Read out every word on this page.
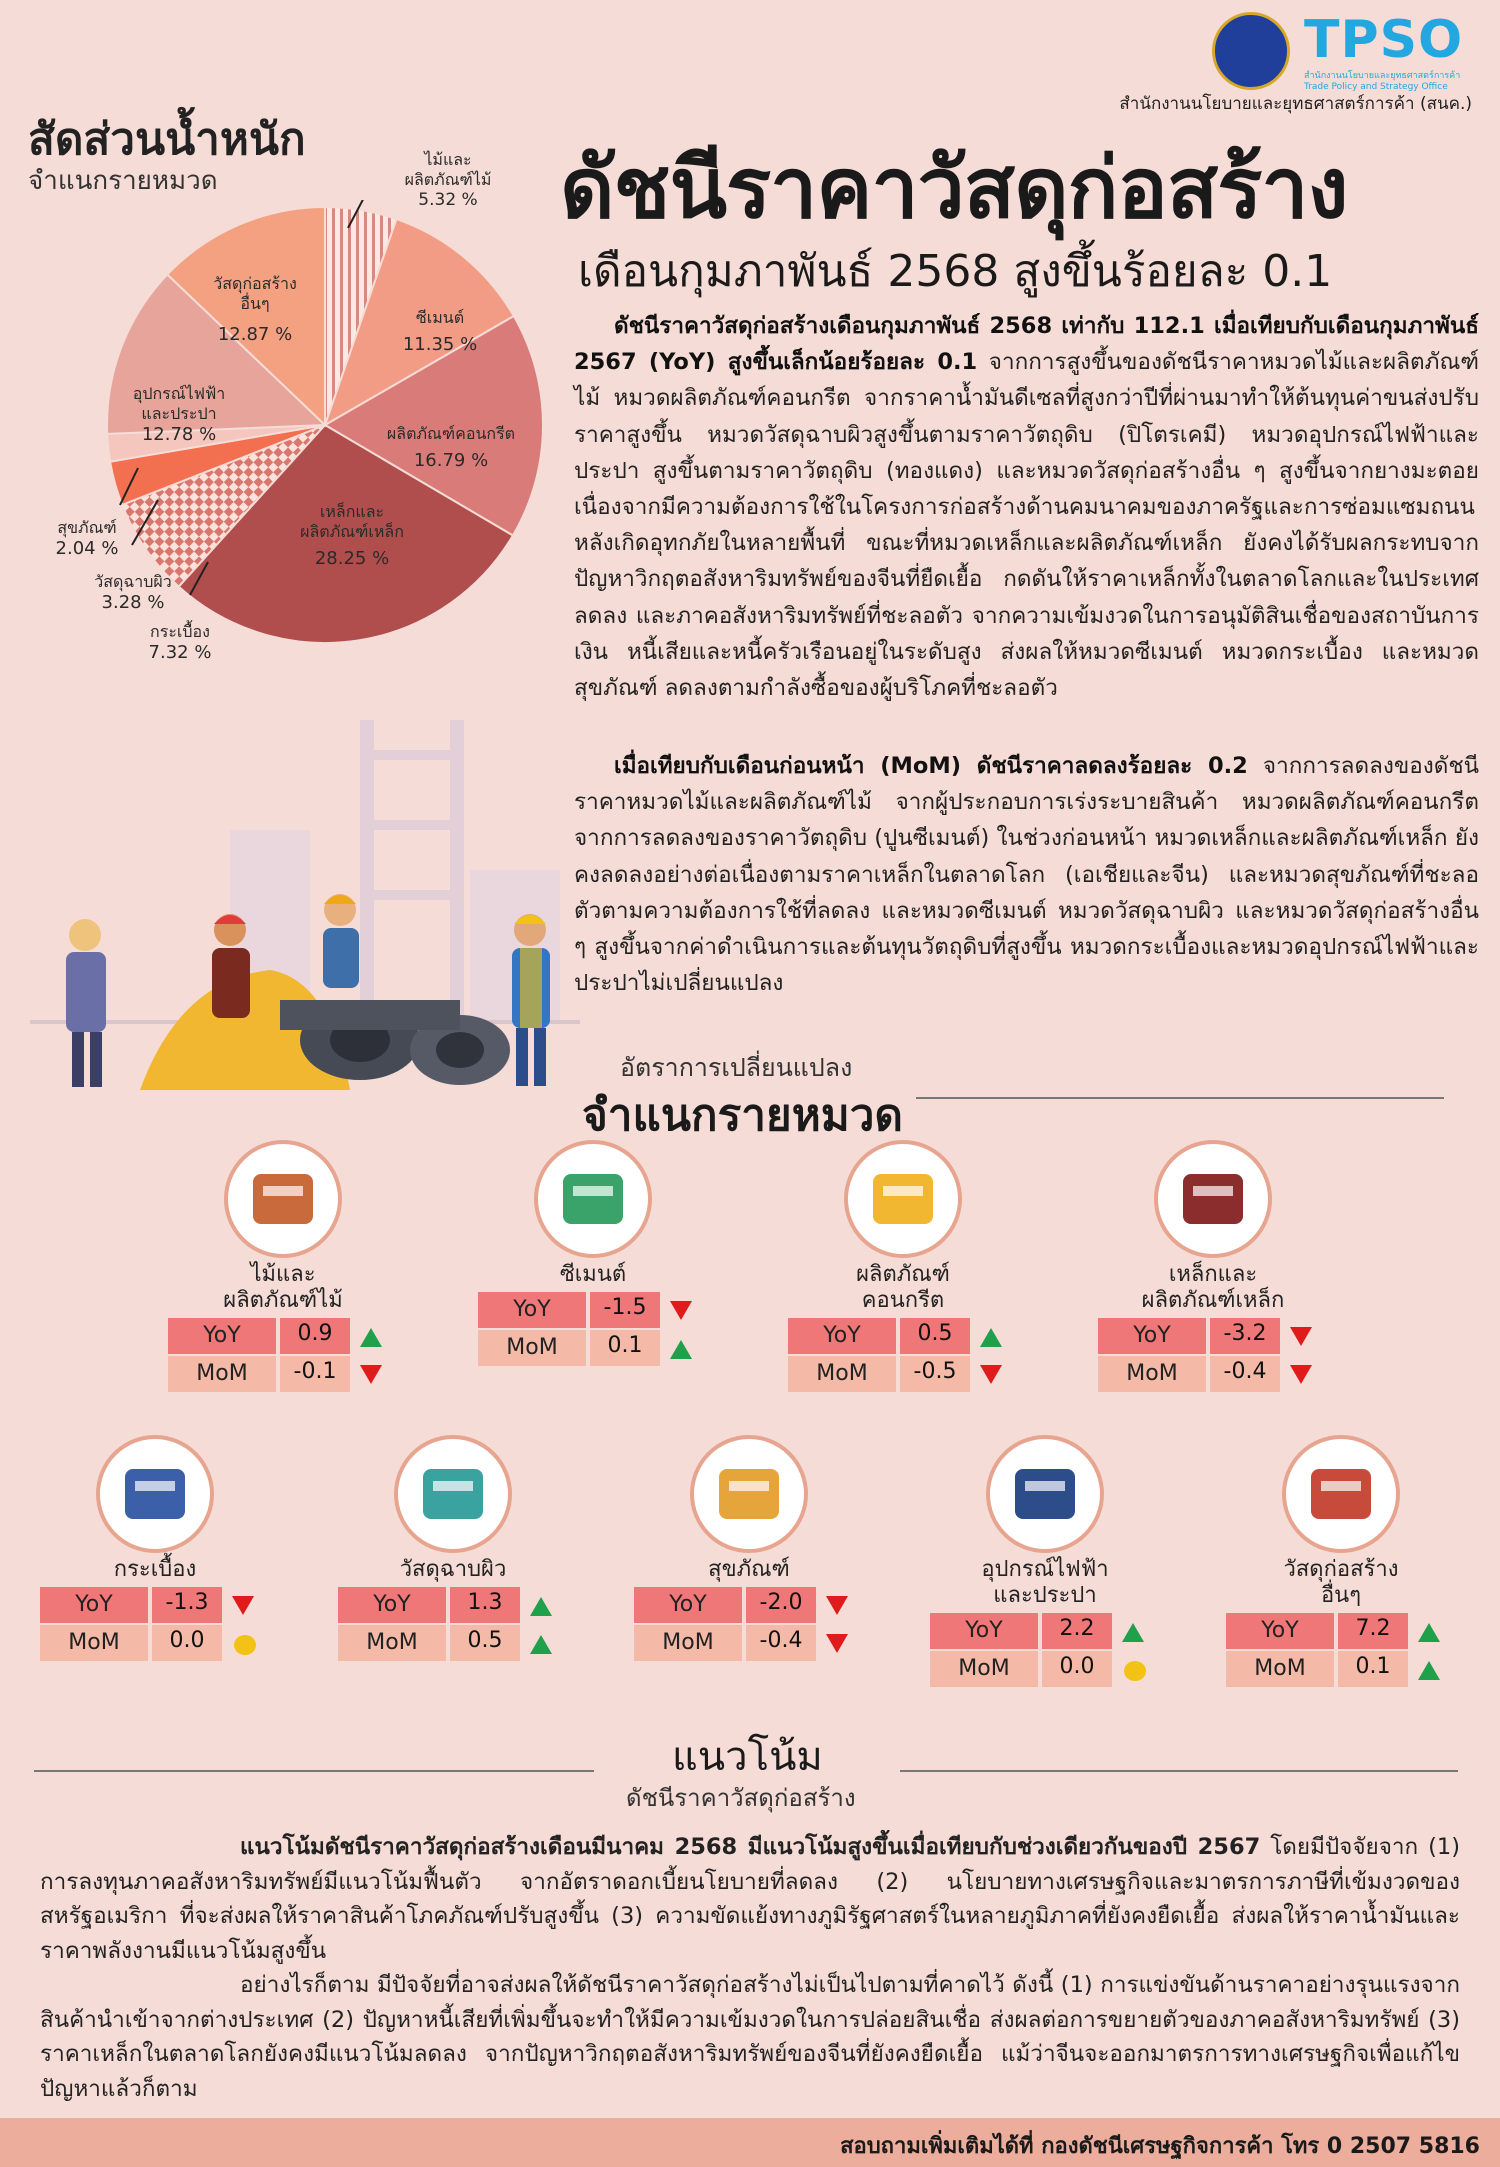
TPSO
สำนักงานนโยบายและยุทธศาสตร์การค้า Trade Policy and Strategy Office
สำนักงานนโยบายและยุทธศาสตร์การค้า (สนค.)
สัดส่วนน้ำหนัก
จำแนกรายหมวด
ไม้และ
ผลิตภัณฑ์ไม้
5.32 %
ซีเมนต์
11.35 %
ผลิตภัณฑ์คอนกรีต
16.79 %
เหล็กและ
ผลิตภัณฑ์เหล็ก
28.25 %
กระเบื้อง
7.32 %
วัสดุฉาบผิว
3.28 %
สุขภัณฑ์
2.04 %
อุปกรณ์ไฟฟ้า
และประปา
12.78 %
วัสดุก่อสร้าง
อื่นๆ
12.87 %
ดัชนีราคาวัสดุก่อสร้าง
เดือนกุมภาพันธ์ 2568 สูงขึ้นร้อยละ 0.1
ดัชนีราคาวัสดุก่อสร้างเดือนกุมภาพันธ์ 2568 เท่ากับ 112.1 เมื่อเทียบกับเดือนกุมภาพันธ์ 2567 (YoY) สูงขึ้นเล็กน้อยร้อยละ 0.1 จากการสูงขึ้นของดัชนีราคาหมวดไม้และผลิตภัณฑ์ไม้ หมวดผลิตภัณฑ์คอนกรีต จากราคาน้ำมันดีเซลที่สูงกว่าปีที่ผ่านมาทำให้ต้นทุนค่าขนส่งปรับราคาสูงขึ้น หมวดวัสดุฉาบผิวสูงขึ้นตามราคาวัตถุดิบ (ปิโตรเคมี) หมวดอุปกรณ์ไฟฟ้าและประปา สูงขึ้นตามราคาวัตถุดิบ (ทองแดง) และหมวดวัสดุก่อสร้างอื่น ๆ สูงขึ้นจากยางมะตอย เนื่องจากมีความต้องการใช้ในโครงการก่อสร้างด้านคมนาคมของภาครัฐและการซ่อมแซมถนนหลังเกิดอุทกภัยในหลายพื้นที่ ขณะที่หมวดเหล็กและผลิตภัณฑ์เหล็ก ยังคงได้รับผลกระทบจากปัญหาวิกฤตอสังหาริมทรัพย์ของจีนที่ยืดเยื้อ กดดันให้ราคาเหล็กทั้งในตลาดโลกและในประเทศลดลง และภาคอสังหาริมทรัพย์ที่ชะลอตัว จากความเข้มงวดในการอนุมัติสินเชื่อของสถาบันการเงิน หนี้เสียและหนี้ครัวเรือนอยู่ในระดับสูง ส่งผลให้หมวดซีเมนต์ หมวดกระเบื้อง และหมวดสุขภัณฑ์ ลดลงตามกำลังซื้อของผู้บริโภคที่ชะลอตัว
เมื่อเทียบกับเดือนก่อนหน้า (MoM) ดัชนีราคาลดลงร้อยละ 0.2 จากการลดลงของดัชนีราคาหมวดไม้และผลิตภัณฑ์ไม้ จากผู้ประกอบการเร่งระบายสินค้า หมวดผลิตภัณฑ์คอนกรีต จากการลดลงของราคาวัตถุดิบ (ปูนซีเมนต์) ในช่วงก่อนหน้า หมวดเหล็กและผลิตภัณฑ์เหล็ก ยังคงลดลงอย่างต่อเนื่องตามราคาเหล็กในตลาดโลก (เอเชียและจีน) และหมวดสุขภัณฑ์ที่ชะลอตัวตามความต้องการใช้ที่ลดลง และหมวดซีเมนต์ หมวดวัสดุฉาบผิว และหมวดวัสดุก่อสร้างอื่น ๆ สูงขึ้นจากค่าดำเนินการและต้นทุนวัตถุดิบที่สูงขึ้น หมวดกระเบื้องและหมวดอุปกรณ์ไฟฟ้าและประปาไม่เปลี่ยนแปลง
อัตราการเปลี่ยนแปลง
จำแนกรายหมวด
ไม้และ
ผลิตภัณฑ์ไม้
YoY	0.9
MoM	-0.1
ซีเมนต์
YoY	-1.5
MoM	0.1
ผลิตภัณฑ์
คอนกรีต
YoY	0.5
MoM	-0.5
เหล็กและ
ผลิตภัณฑ์เหล็ก
YoY	-3.2
MoM	-0.4
กระเบื้อง
YoY	-1.3
MoM	0.0
วัสดุฉาบผิว
YoY	1.3
MoM	0.5
สุขภัณฑ์
YoY	-2.0
MoM	-0.4
อุปกรณ์ไฟฟ้า
และประปา
YoY	2.2
MoM	0.0
วัสดุก่อสร้าง
อื่นๆ
YoY	7.2
MoM	0.1
แนวโน้ม
ดัชนีราคาวัสดุก่อสร้าง
แนวโน้มดัชนีราคาวัสดุก่อสร้างเดือนมีนาคม 2568 มีแนวโน้มสูงขึ้นเมื่อเทียบกับช่วงเดียวกันของปี 2567 โดยมีปัจจัยจาก (1) การลงทุนภาคอสังหาริมทรัพย์มีแนวโน้มฟื้นตัว จากอัตราดอกเบี้ยนโยบายที่ลดลง (2) นโยบายทางเศรษฐกิจและมาตรการภาษีที่เข้มงวดของสหรัฐอเมริกา ที่จะส่งผลให้ราคาสินค้าโภคภัณฑ์ปรับสูงขึ้น (3) ความขัดแย้งทางภูมิรัฐศาสตร์ในหลายภูมิภาคที่ยังคงยืดเยื้อ ส่งผลให้ราคาน้ำมันและราคาพลังงานมีแนวโน้มสูงขึ้น
อย่างไรก็ตาม มีปัจจัยที่อาจส่งผลให้ดัชนีราคาวัสดุก่อสร้างไม่เป็นไปตามที่คาดไว้ ดังนี้ (1) การแข่งขันด้านราคาอย่างรุนแรงจากสินค้านำเข้าจากต่างประเทศ (2) ปัญหาหนี้เสียที่เพิ่มขึ้นจะทำให้มีความเข้มงวดในการปล่อยสินเชื่อ ส่งผลต่อการขยายตัวของภาคอสังหาริมทรัพย์ (3) ราคาเหล็กในตลาดโลกยังคงมีแนวโน้มลดลง จากปัญหาวิกฤตอสังหาริมทรัพย์ของจีนที่ยังคงยืดเยื้อ แม้ว่าจีนจะออกมาตรการทางเศรษฐกิจเพื่อแก้ไขปัญหาแล้วก็ตาม
สอบถามเพิ่มเติมได้ที่ กองดัชนีเศรษฐกิจการค้า โทร 0 2507 5816
